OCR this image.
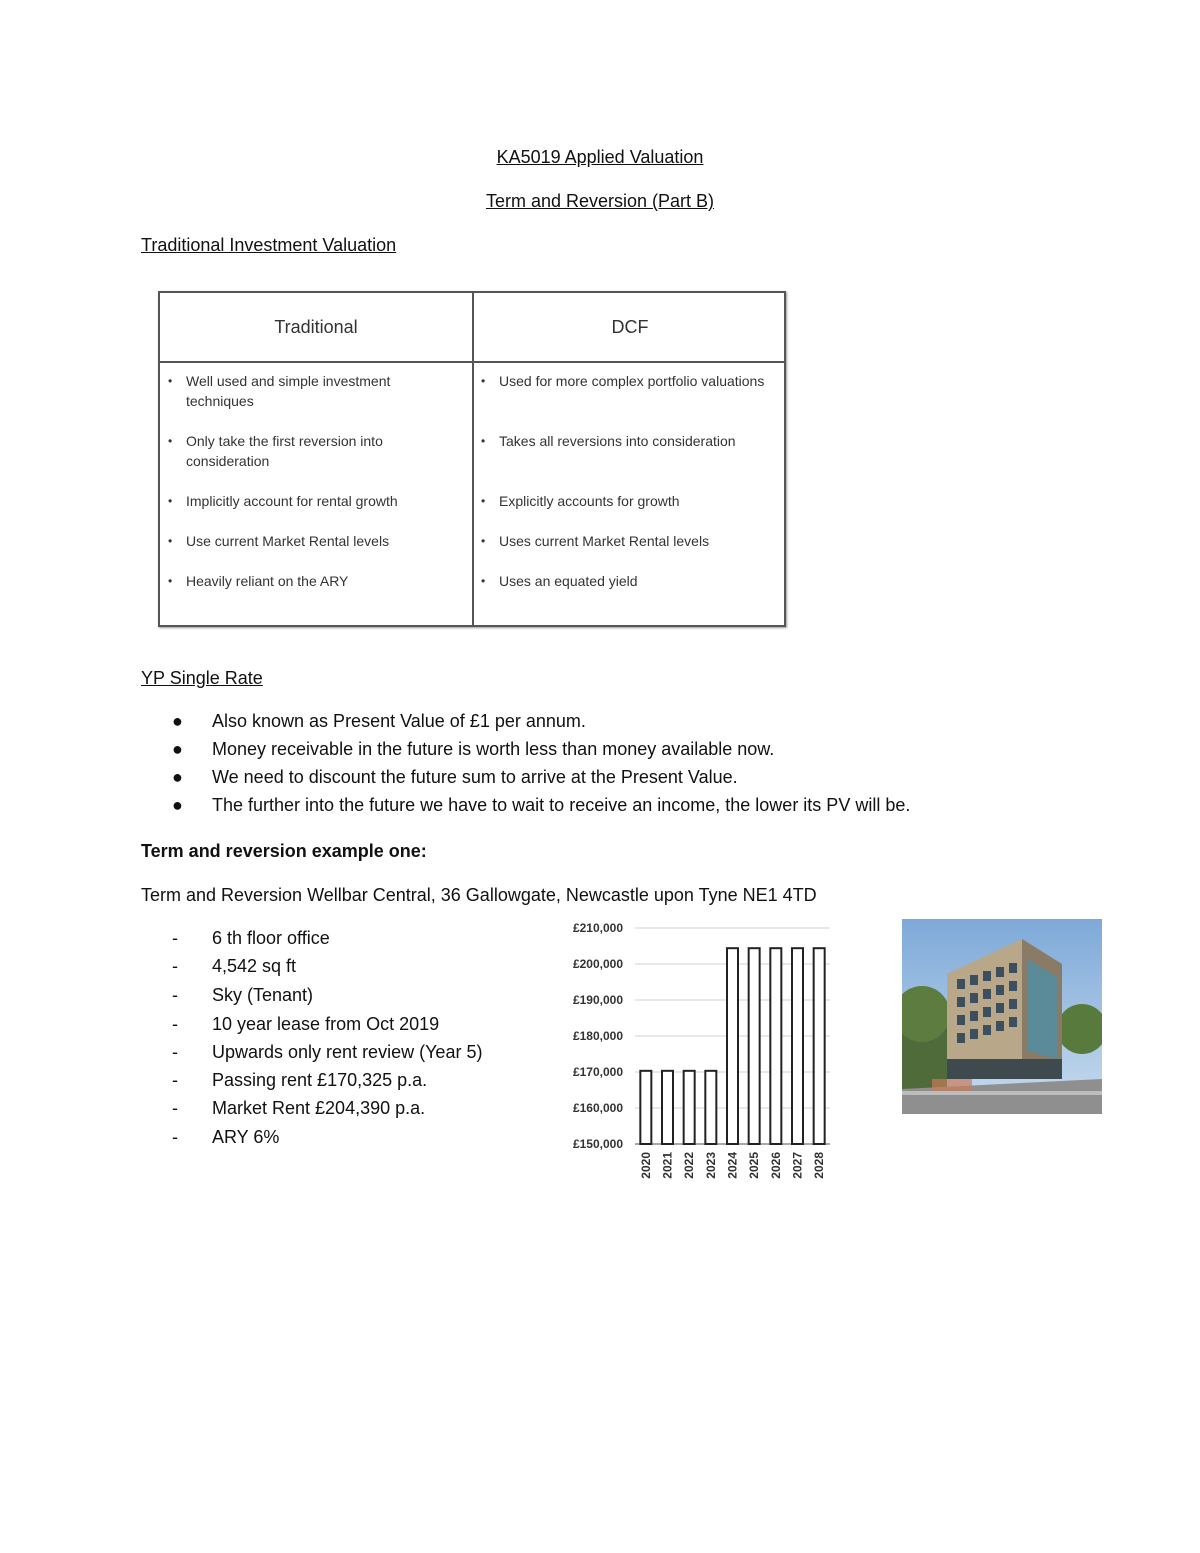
KA5019 Applied Valuation
Term and Reversion (Part B)
Traditional Investment Valuation
Traditional	DCF

• Well used and simple investment techniques

• Only take the first reversion into consideration

• Implicitly account for rental growth

• Use current Market Rental levels

• Heavily reliant on the ARY

• Used for more complex portfolio valuations

• Takes all reversions into consideration

• Explicitly accounts for growth

• Uses current Market Rental levels

• Uses an equated yield

YP Single Rate
● Also known as Present Value of £1 per annum.
● Money receivable in the future is worth less than money available now.
● We need to discount the future sum to arrive at the Present Value.
● The further into the future we have to wait to receive an income, the lower its PV will be.
Term and reversion example one:
Term and Reversion Wellbar Central, 36 Gallowgate, Newcastle upon Tyne NE1 4TD
- 6 th floor office
- 4,542 sq ft
- Sky (Tenant)
- 10 year lease from Oct 2019
- Upwards only rent review (Year 5)
- Passing rent £170,325 p.a.
- Market Rent £204,390 p.a.
- ARY 6%	£150,000
£160,000
£170,000
£180,000
£190,000
£200,000
£210,000
2020 2021 2022 2023 2024 2025 2026 2027 2028
